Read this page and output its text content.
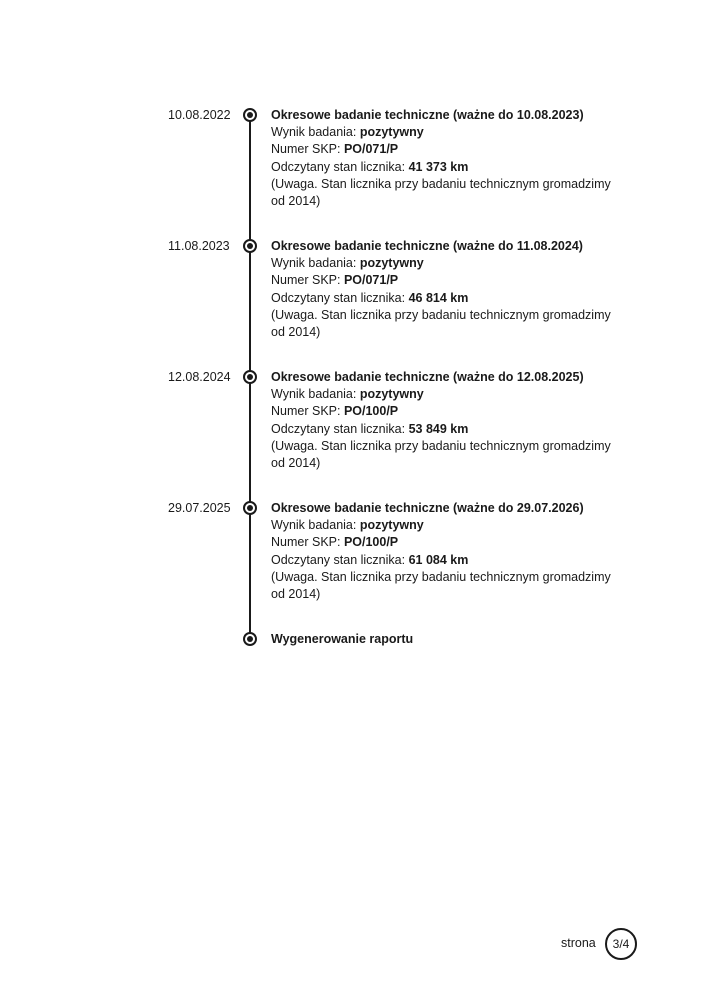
10.08.2022	Okresowe badanie techniczne (ważne do 10.08.2023)
Wynik badania: pozytywny
Numer SKP: PO/071/P
Odczytany stan licznika: 41 373 km
(Uwaga. Stan licznika przy badaniu technicznym gromadzimy od 2014)
11.08.2023	Okresowe badanie techniczne (ważne do 11.08.2024)
Wynik badania: pozytywny
Numer SKP: PO/071/P
Odczytany stan licznika: 46 814 km
(Uwaga. Stan licznika przy badaniu technicznym gromadzimy od 2014)
12.08.2024	Okresowe badanie techniczne (ważne do 12.08.2025)
Wynik badania: pozytywny
Numer SKP: PO/100/P
Odczytany stan licznika: 53 849 km
(Uwaga. Stan licznika przy badaniu technicznym gromadzimy od 2014)
29.07.2025	Okresowe badanie techniczne (ważne do 29.07.2026)
Wynik badania: pozytywny
Numer SKP: PO/100/P
Odczytany stan licznika: 61 084 km
(Uwaga. Stan licznika przy badaniu technicznym gromadzimy od 2014)
Wygenerowanie raportu
strona	3/4
